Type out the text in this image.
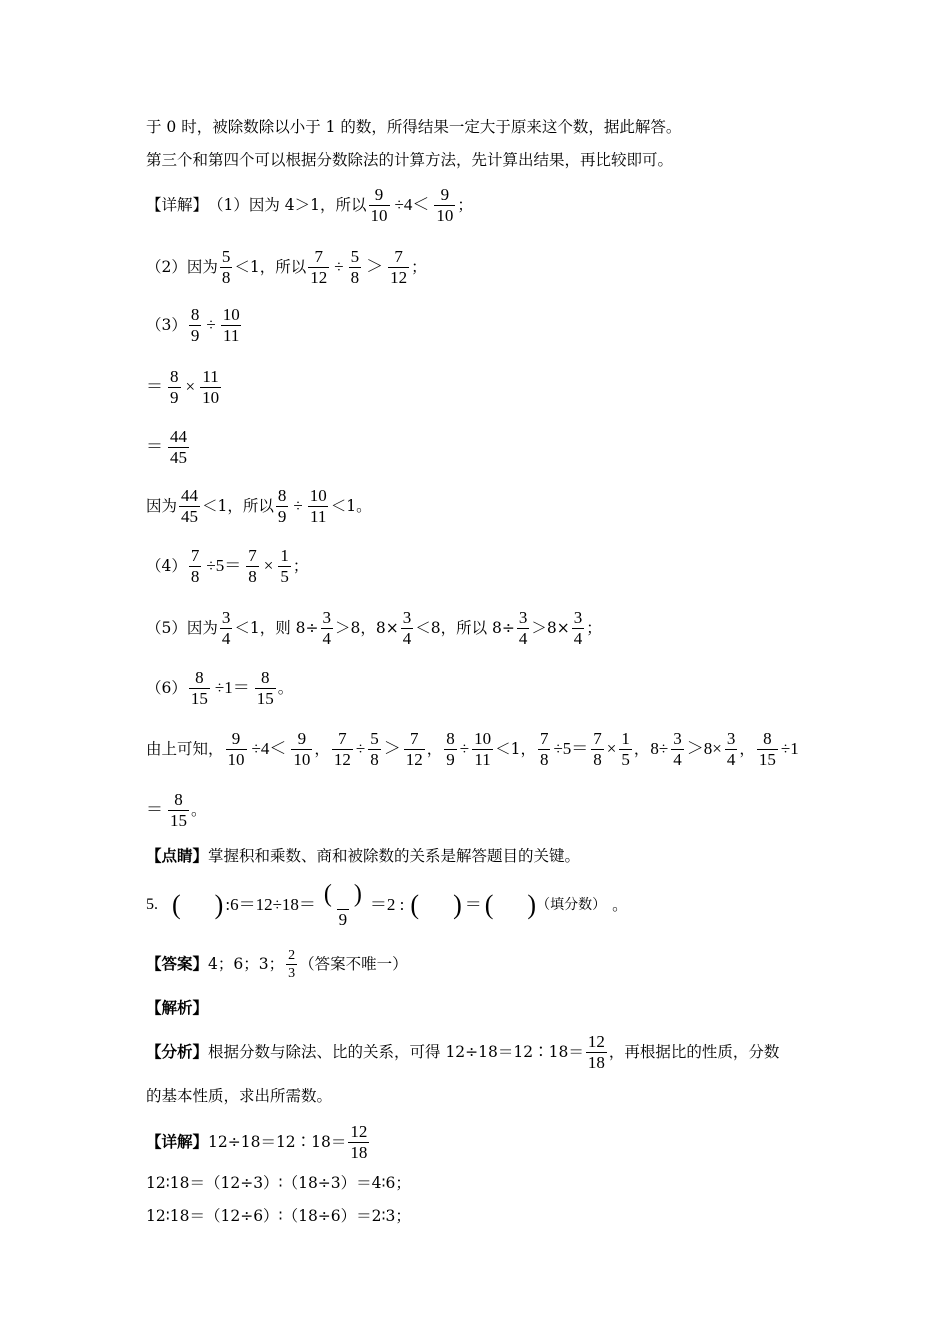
于 0 时，被除数除以小于 1 的数，所得结果一定大于原来这个数，据此解答。
第三个和第四个可以根据分数除法的计算方法，先计算出结果，再比较即可。
【详解】 （1）因为 4＞1，所以 $\frac{9}{10} \div 4< \frac{9}{10}$ ；
（2）因为 $\frac{5}{8} <1$，所以 $\frac{7}{12} \div \frac{5}{8} > \frac{7}{12}$ ；
$(3) \frac{8}{9} \div \frac{10}{11}$
＝ $\frac{8}{9} \times \frac{11}{10}$
＝ $\frac{44}{45}$
因为 $\frac{44}{45} <1$，所以 $\frac{8}{9} \div \frac{10}{11} <1$。
$(4) \frac{7}{8} \div 5= \frac{7}{8} \times \frac{1}{5}$ ；
（5）因为 $\frac{3}{4} <1$，则 $8\div \frac{3}{4} >8$，$8\times \frac{3}{4} <8$，所以 $8\div \frac{3}{4} >8\times \frac{3}{4}$ ；
$(6) \frac{8}{15} \div 1= \frac{8}{15}$ 。
由上可知， $\frac{9}{10} \div 4< \frac{9}{10}$ ， $\frac{7}{12} \div \frac{5}{8} > \frac{7}{12}$ ， $\frac{8}{9} \div \frac{10}{11} <1$， $\frac{7}{8} \div 5= \frac{7}{8} \times \frac{1}{5}$ ， $8\div \frac{3}{4} >8\times \frac{3}{4}$ ， $\frac{8}{15} \div 1$
＝ $\frac{8}{15}$ 。
【点睛】 掌握积和乘数、商和被除数的关系是解答题目的关键。
5. ( ) :6＝12÷18＝ $\frac{( )}{9} =2$ : ( ) ＝ ( ) （填分数） 。
【答案】 4；6；3； $\frac{2}{3}$ （答案不唯一）
【解析】
【分析】 根据分数与除法、比的关系，可得 12÷18＝12∶18＝ $\frac{12}{18}$ ，再根据比的性质，分数
的基本性质，求出所需数。
【详解】 12÷18＝12∶18＝ $\frac{12}{18}$
12∶18＝（12÷3）∶（18÷3）＝4∶6；
12∶18＝（12÷6）∶（18÷6）＝2∶3；
